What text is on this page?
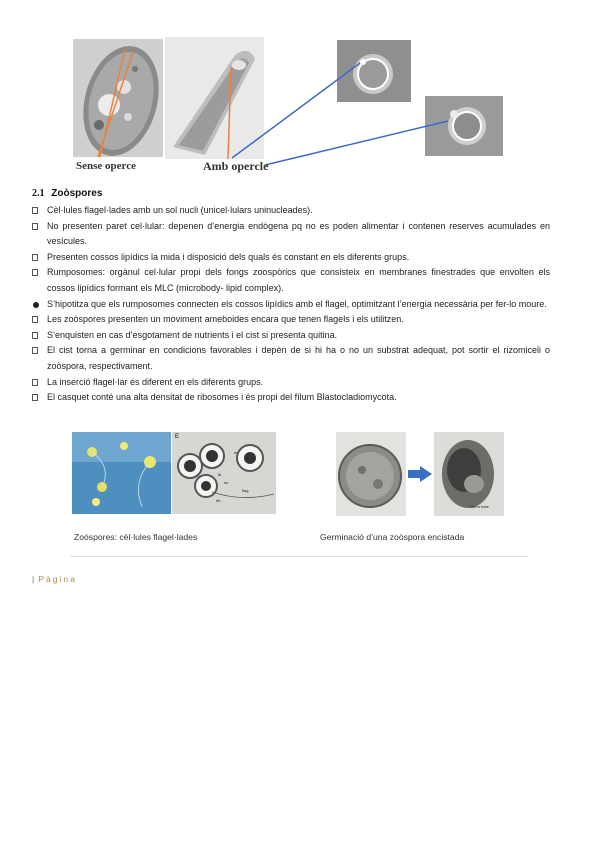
Sense operce	Amb opercle
2.1 Zoòspores
Cèl·lules flagel·lades amb un sol nucli (unicel·lulars uninucleades).
No presenten paret cel·lular: depenen d’energia endògena pq no es poden alimentar i contenen reserves acumulades en vesícules.
Presenten cossos lipídics la mida i disposició dels quals és constant en els diferents grups.
Rumposomes: orgànul cel·lular propi dels fongs zoospòrics que consisteix en membranes finestrades que envolten els cossos lipídics formant els MLC (microbody- lipid complex).
S’hipotitza que els rumposomes connecten els cossos lipídics amb el flagel, optimitzant l’energia necessària per fer-lo moure.
Les zoòspores presenten un moviment ameboides encara que tenen flagels i els utilitzen.
S’enquisten en cas d’esgotament de nutrients i el cist si presenta quitina.
El cist torna a germinar en condicions favorables i depèn de si hi ha o no un substrat adequat, pot sortir el rizomiceli o zoòspora, respectivament.
La inserció flagel·lar és diferent en els diferents grups.
El casquet conté una alta densitat de ribosomes i és propi del fílum Blastocladiomycota.
E
m
lb
flag
rib
nc
Germ tube
Zoòspores: cèl·lules flagel·lades	Germinació d’una zoòspora encistada
| Pàgina
